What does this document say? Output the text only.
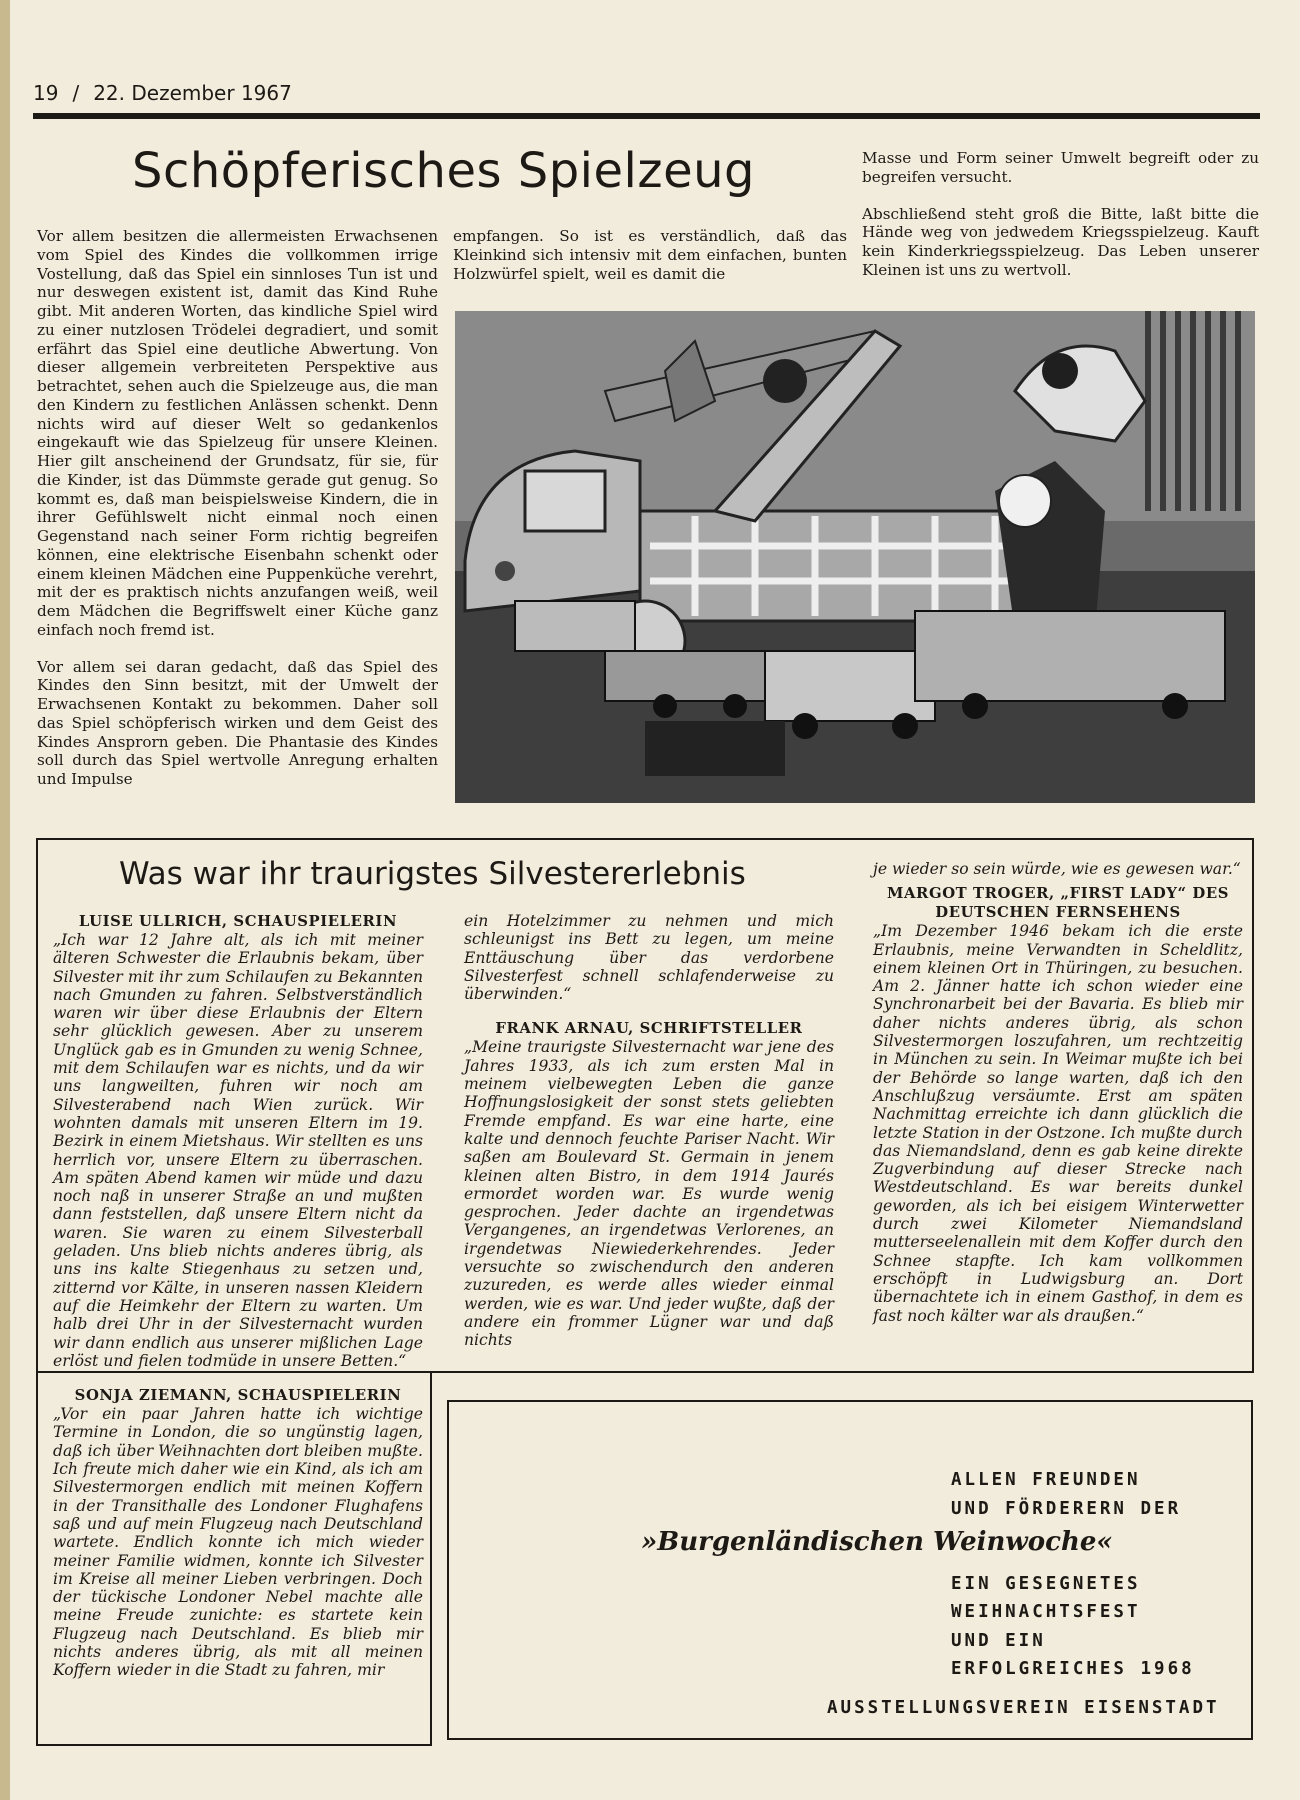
19 / 22. Dezember 1967
Schöpferisches Spielzeug

Vor allem besitzen die allermeisten Erwachsenen vom Spiel des Kindes die vollkommen irrige Vostellung, daß das Spiel ein sinnloses Tun ist und nur deswegen existent ist, damit das Kind Ruhe gibt. Mit anderen Worten, das kindliche Spiel wird zu einer nutzlosen Trödelei degradiert, und somit erfährt das Spiel eine deutliche Abwertung. Von dieser allgemein verbreiteten Perspektive aus betrachtet, sehen auch die Spielzeuge aus, die man den Kindern zu festlichen Anlässen schenkt. Denn nichts wird auf dieser Welt so gedankenlos eingekauft wie das Spielzeug für unsere Kleinen. Hier gilt anscheinend der Grundsatz, für sie, für die Kinder, ist das Dümmste gerade gut genug. So kommt es, daß man beispielsweise Kindern, die in ihrer Gefühlswelt nicht einmal noch einen Gegenstand nach seiner Form richtig begreifen können, eine elektrische Eisenbahn schenkt oder einem kleinen Mädchen eine Puppenküche verehrt, mit der es praktisch nichts anzufangen weiß, weil dem Mädchen die Begriffswelt einer Küche ganz einfach noch fremd ist.

Vor allem sei daran gedacht, daß das Spiel des Kindes den Sinn besitzt, mit der Umwelt der Erwachsenen Kontakt zu bekommen. Daher soll das Spiel schöpferisch wirken und dem Geist des Kindes Ansprorn geben. Die Phantasie des Kindes soll durch das Spiel wertvolle Anregung erhalten und Impulse

empfangen. So ist es verständlich, daß das Kleinkind sich intensiv mit dem einfachen, bunten Holzwürfel spielt, weil es damit die

Masse und Form seiner Umwelt begreift oder zu begreifen versucht.

Abschließend steht groß die Bitte, laßt bitte die Hände weg von jedwedem Kriegsspielzeug. Kauft kein Kinderkriegsspielzeug. Das Leben unserer Kleinen ist uns zu wertvoll.

Was war ihr traurigstes Silvestererlebnis
LUISE ULLRICH, SCHAUSPIELERIN

„Ich war 12 Jahre alt, als ich mit meiner älteren Schwester die Erlaubnis bekam, über Silvester mit ihr zum Schilaufen zu Bekannten nach Gmunden zu fahren. Selbstverständlich waren wir über diese Erlaubnis der Eltern sehr glücklich gewesen. Aber zu unserem Unglück gab es in Gmunden zu wenig Schnee, mit dem Schilaufen war es nichts, und da wir uns langweilten, fuhren wir noch am Silvesterabend nach Wien zurück. Wir wohnten damals mit unseren Eltern im 19. Bezirk in einem Mietshaus. Wir stellten es uns herrlich vor, unsere Eltern zu überraschen. Am späten Abend kamen wir müde und dazu noch naß in unserer Straße an und mußten dann feststellen, daß unsere Eltern nicht da waren. Sie waren zu einem Silvesterball geladen. Uns blieb nichts anderes übrig, als uns ins kalte Stiegenhaus zu setzen und, zitternd vor Kälte, in unseren nassen Kleidern auf die Heimkehr der Eltern zu warten. Um halb drei Uhr in der Silvesternacht wurden wir dann endlich aus unserer mißlichen Lage erlöst und fielen todmüde in unsere Betten.“

SONJA ZIEMANN, SCHAUSPIELERIN

„Vor ein paar Jahren hatte ich wichtige Termine in London, die so ungünstig lagen, daß ich über Weihnachten dort bleiben mußte. Ich freute mich daher wie ein Kind, als ich am Silvestermorgen endlich mit meinen Koffern in der Transithalle des Londoner Flughafens saß und auf mein Flugzeug nach Deutschland wartete. Endlich konnte ich mich wieder meiner Familie widmen, konnte ich Silvester im Kreise all meiner Lieben verbringen. Doch der tückische Londoner Nebel machte alle meine Freude zunichte: es startete kein Flugzeug nach Deutschland. Es blieb mir nichts anderes übrig, als mit all meinen Koffern wieder in die Stadt zu fahren, mir

ein Hotelzimmer zu nehmen und mich schleunigst ins Bett zu legen, um meine Enttäuschung über das verdorbene Silvesterfest schnell schlafenderweise zu überwinden.“

FRANK ARNAU, SCHRIFTSTELLER

„Meine traurigste Silvesternacht war jene des Jahres 1933, als ich zum ersten Mal in meinem vielbewegten Leben die ganze Hoffnungslosigkeit der sonst stets geliebten Fremde empfand. Es war eine harte, eine kalte und dennoch feuchte Pariser Nacht. Wir saßen am Boulevard St. Germain in jenem kleinen alten Bistro, in dem 1914 Jaurés ermordet worden war. Es wurde wenig gesprochen. Jeder dachte an irgendetwas Vergangenes, an irgendetwas Verlorenes, an irgendetwas Niewiederkehrendes. Jeder versuchte so zwischendurch den anderen zuzureden, es werde alles wieder einmal werden, wie es war. Und jeder wußte, daß der andere ein frommer Lügner war und daß nichts

je wieder so sein würde, wie es gewesen war.“

MARGOT TROGER, „FIRST LADY“ DES DEUTSCHEN FERNSEHENS

„Im Dezember 1946 bekam ich die erste Erlaubnis, meine Verwandten in Scheldlitz, einem kleinen Ort in Thüringen, zu besuchen. Am 2. Jänner hatte ich schon wieder eine Synchronarbeit bei der Bavaria. Es blieb mir daher nichts anderes übrig, als schon Silvestermorgen loszufahren, um rechtzeitig in München zu sein. In Weimar mußte ich bei der Behörde so lange warten, daß ich den Anschlußzug versäumte. Erst am späten Nachmittag erreichte ich dann glücklich die letzte Station in der Ostzone. Ich mußte durch das Niemandsland, denn es gab keine direkte Zugverbindung auf dieser Strecke nach Westdeutschland. Es war bereits dunkel geworden, als ich bei eisigem Winterwetter durch zwei Kilometer Niemandsland mutterseelenallein mit dem Koffer durch den Schnee stapfte. Ich kam vollkommen erschöpft in Ludwigsburg an. Dort übernachtete ich in einem Gasthof, in dem es fast noch kälter war als draußen.“

ALLEN FREUNDEN
UND FÖRDERERN DER
»Burgenländischen Weinwoche«
EIN GESEGNETES
WEIHNACHTSFEST
UND EIN
ERFOLGREICHES 1968
AUSSTELLUNGSVEREIN EISENSTADT
